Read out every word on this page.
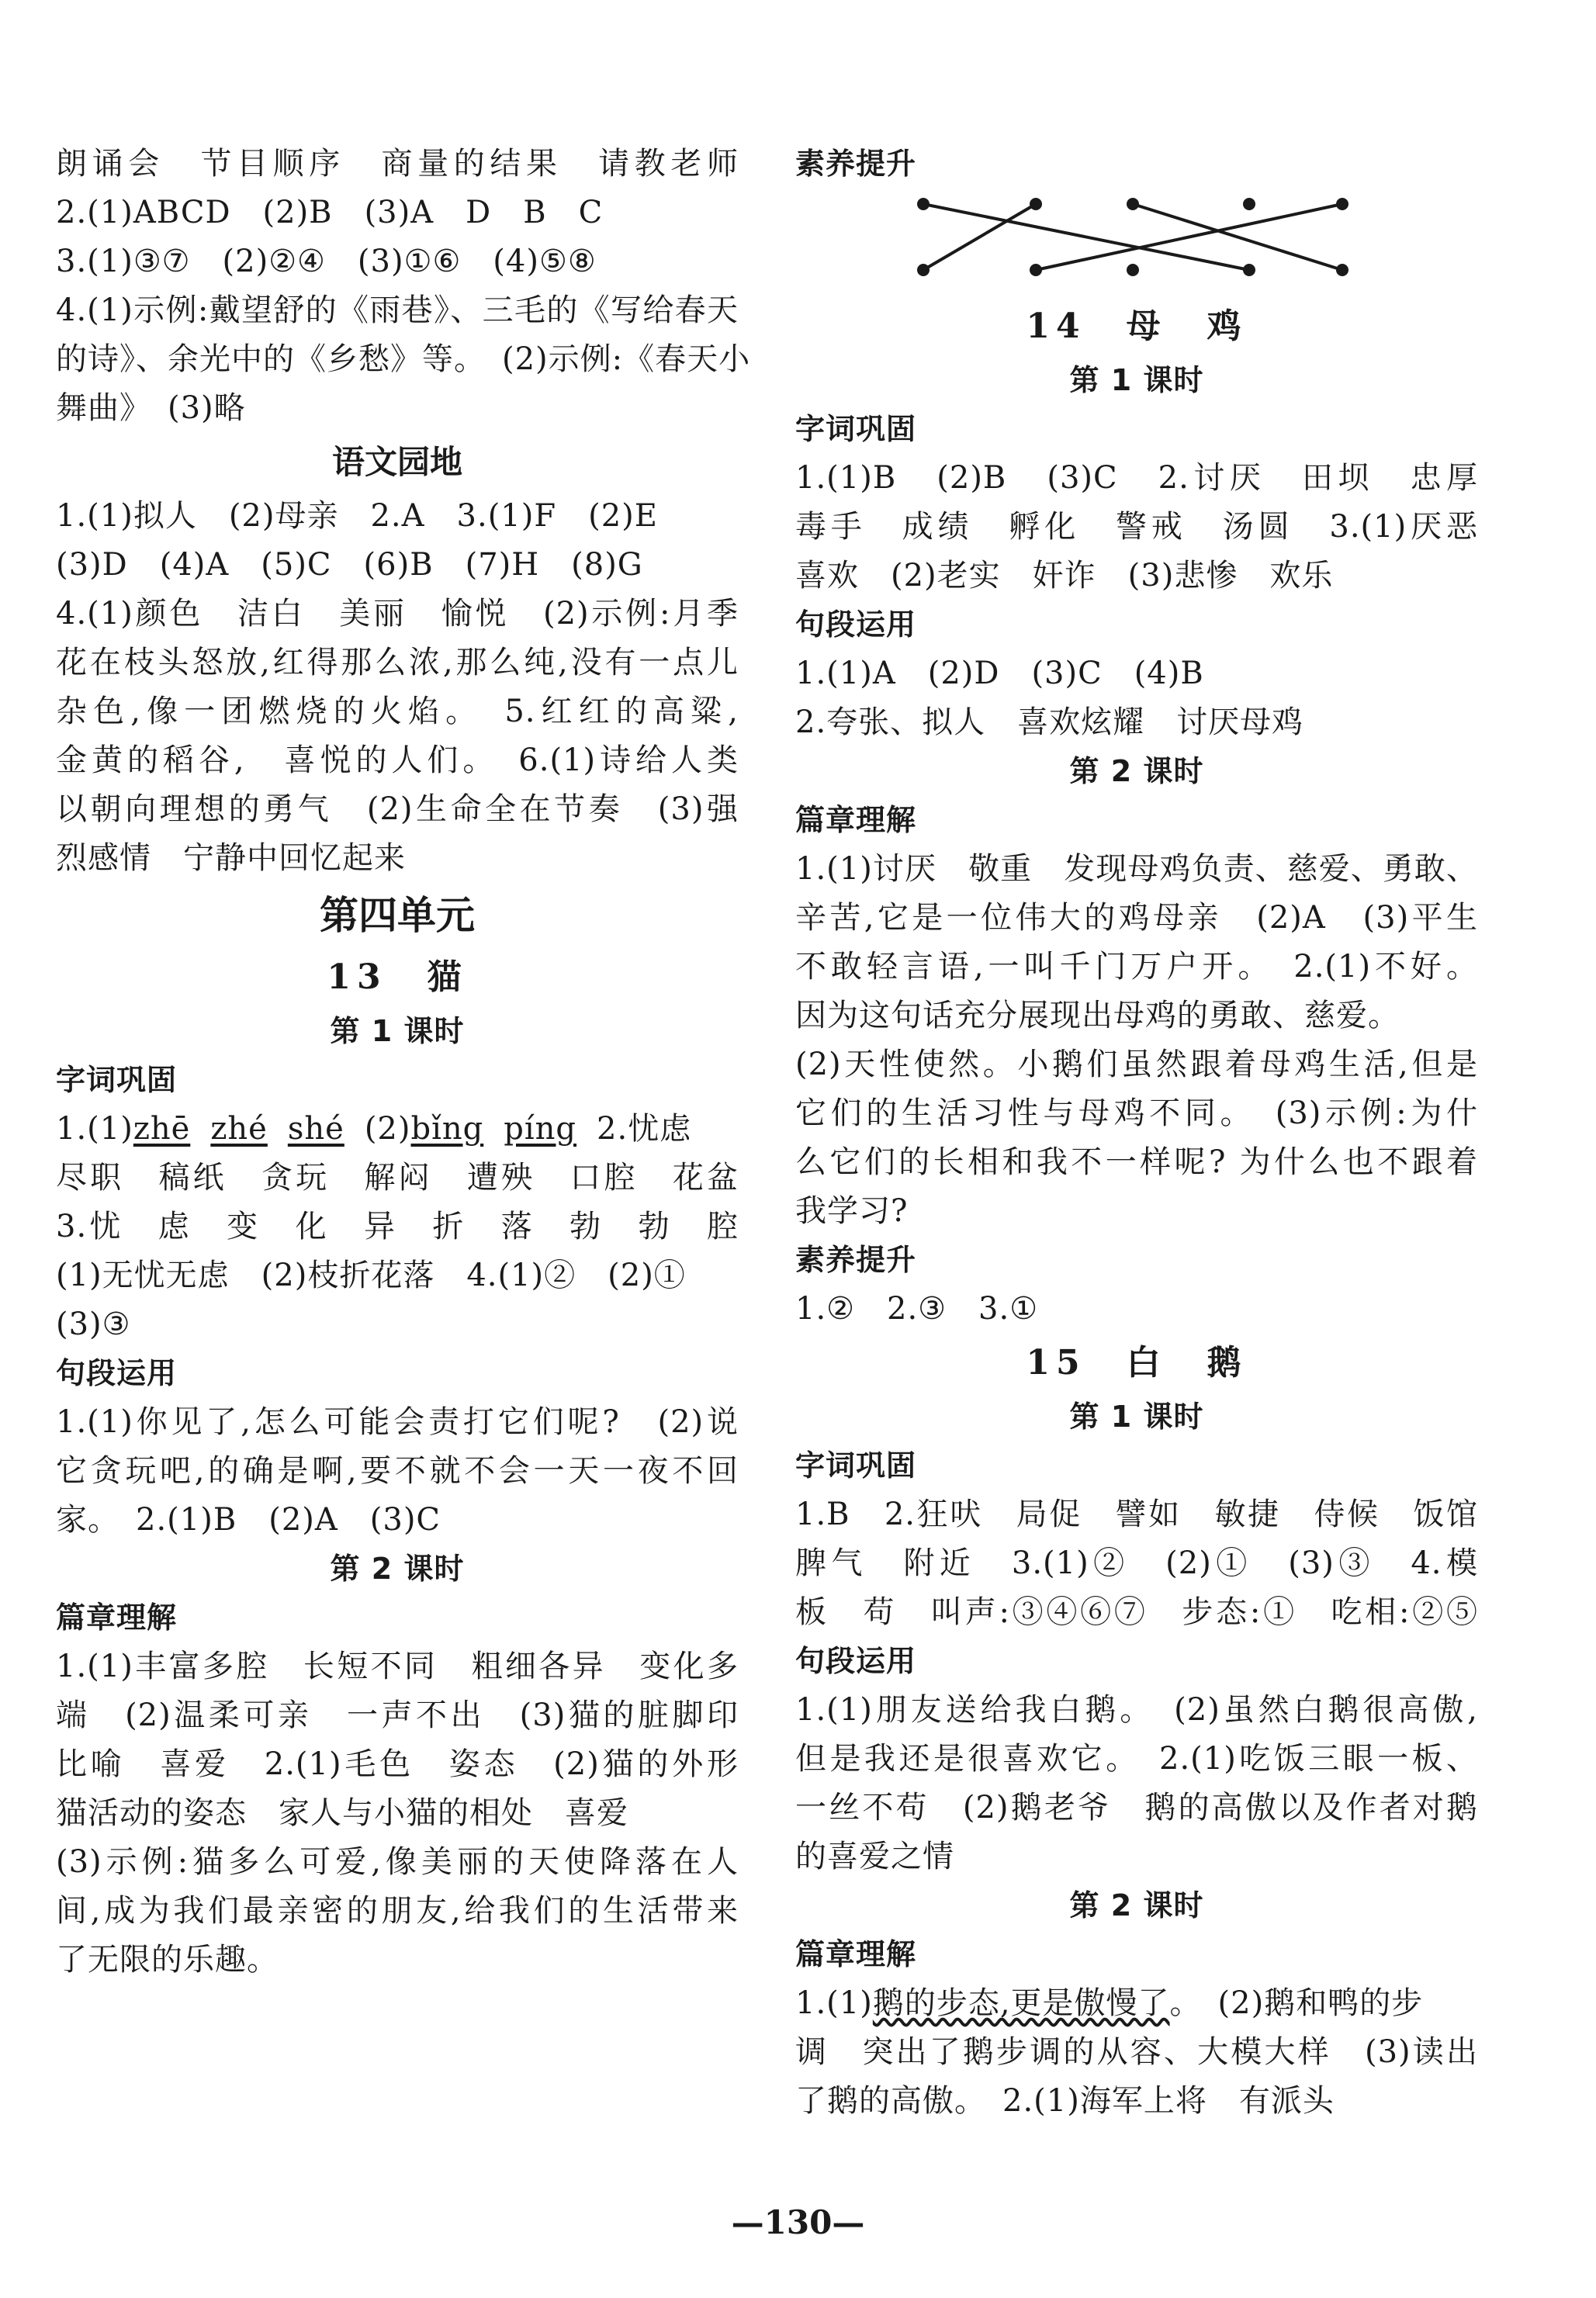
朗诵会　节目顺序　商量的结果　请教老师
2.(1)ABCD　(2)B　(3)A　D　B　C
3.(1)③⑦　(2)②④　(3)①⑥　(4)⑤⑧
4.(1)示例:戴望舒的《雨巷》、三毛的《写给春天
的诗》、余光中的《乡愁》等。　(2)示例:《春天小
舞曲》　(3)略
语文园地
1.(1)拟人　(2)母亲　2.A　3.(1)F　(2)E
(3)D　(4)A　(5)C　(6)B　(7)H　(8)G
4.(1)颜色　洁白　美丽　愉悦　(2)示例:月季
花在枝头怒放,红得那么浓,那么纯,没有一点儿
杂色,像一团燃烧的火焰。　5.红红的高粱,
金黄的稻谷,　喜悦的人们。　6.(1)诗给人类
以朝向理想的勇气　(2)生命全在节奏　(3)强
烈感情　宁静中回忆起来
第四单元
13　猫
第 1 课时
字词巩固
1.(1)zhē zhé shé (2)bǐng píng 2.忧虑
尽职　稿纸　贪玩　解闷　遭殃　口腔　花盆
3.忧　虑　变　化　异　折　落　勃　勃　腔
(1)无忧无虑　(2)枝折花落　4.(1)②　(2)①
(3)③
句段运用
1.(1)你见了,怎么可能会责打它们呢?　(2)说
它贪玩吧,的确是啊,要不就不会一天一夜不回
家。　2.(1)B　(2)A　(3)C
第 2 课时
篇章理解
1.(1)丰富多腔　长短不同　粗细各异　变化多
端　(2)温柔可亲　一声不出　(3)猫的脏脚印
比喻　喜爱　2.(1)毛色　姿态　(2)猫的外形
猫活动的姿态　家人与小猫的相处　喜爱
(3)示例:猫多么可爱,像美丽的天使降落在人
间,成为我们最亲密的朋友,给我们的生活带来
了无限的乐趣。
素养提升
14　母　鸡
第 1 课时
字词巩固
1.(1)B　(2)B　(3)C　2.讨厌　田坝　忠厚
毒手　成绩　孵化　警戒　汤圆　3.(1)厌恶
喜欢　(2)老实　奸诈　(3)悲惨　欢乐
句段运用
1.(1)A　(2)D　(3)C　(4)B
2.夸张、拟人　喜欢炫耀　讨厌母鸡
第 2 课时
篇章理解
1.(1)讨厌　敬重　发现母鸡负责、慈爱、勇敢、
辛苦,它是一位伟大的鸡母亲　(2)A　(3)平生
不敢轻言语,一叫千门万户开。　2.(1)不好。
因为这句话充分展现出母鸡的勇敢、慈爱。
(2)天性使然。小鹅们虽然跟着母鸡生活,但是
它们的生活习性与母鸡不同。　(3)示例:为什
么它们的长相和我不一样呢? 为什么也不跟着
我学习?
素养提升
1.②　2.③　3.①
15　白　鹅
第 1 课时
字词巩固
1.B　2.狂吠　局促　譬如　敏捷　侍候　饭馆
脾气　附近　3.(1)②　(2)①　(3)③　4.模
板　苟　叫声:③④⑥⑦　步态:①　吃相:②⑤
句段运用
1.(1)朋友送给我白鹅。　(2)虽然白鹅很高傲,
但是我还是很喜欢它。　2.(1)吃饭三眼一板、
一丝不苟　(2)鹅老爷　鹅的高傲以及作者对鹅
的喜爱之情
第 2 课时
篇章理解
1.(1)鹅的步态,更是傲慢了。　(2)鹅和鸭的步
调　突出了鹅步调的从容、大模大样　(3)读出
了鹅的高傲。　2.(1)海军上将　有派头
—130—
